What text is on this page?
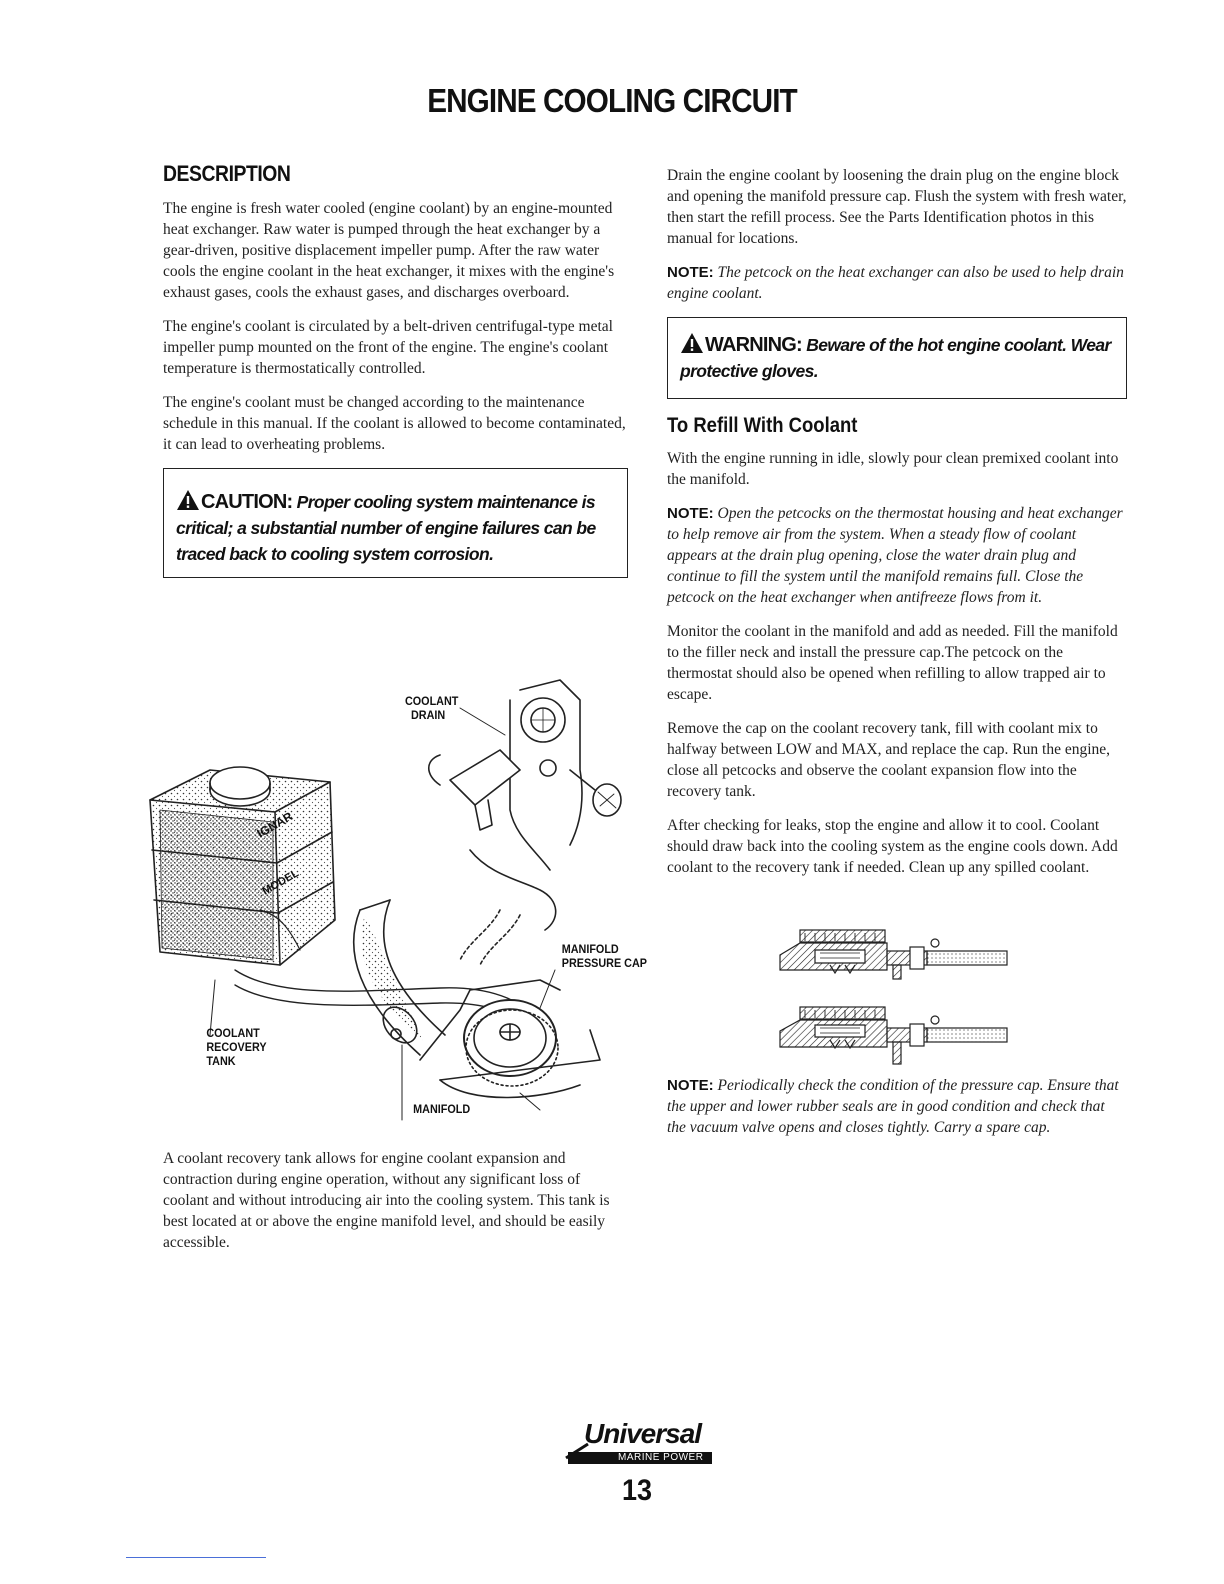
ENGINE COOLING CIRCUIT
DESCRIPTION

The engine is fresh water cooled (engine coolant) by an engine-mounted heat exchanger. Raw water is pumped through the heat exchanger by a gear-driven, positive displacement impeller pump. After the raw water cools the engine coolant in the heat exchanger, it mixes with the engine's exhaust gases, cools the exhaust gases, and discharges overboard.

The engine's coolant is circulated by a belt-driven centrifugal-type metal impeller pump mounted on the front of the engine. The engine's coolant temperature is thermostatically controlled.

The engine's coolant must be changed according to the maintenance schedule in this manual. If the coolant is allowed to become contaminated, it can lead to overheating problems.

CAUTION: Proper cooling system maintenance is
critical; a substantial number of engine failures can be
traced back to cooling system corrosion.
IGNAR
MODEL
COOLANT
DRAIN
MANIFOLD
PRESSURE CAP
COOLANT
RECOVERY
TANK
MANIFOLD
A coolant recovery tank allows for engine coolant expansion and contraction during engine operation, without any significant loss of coolant and without introducing air into the cooling system. This tank is best located at or above the engine manifold level, and should be easily accessible.

Drain the engine coolant by loosening the drain plug on the engine block and opening the manifold pressure cap. Flush the system with fresh water, then start the refill process. See the Parts Identification photos in this manual for locations.

NOTE: The petcock on the heat exchanger can also be used to help drain engine coolant.

WARNING: Beware of the hot engine coolant. Wear
protective gloves.
To Refill With Coolant

With the engine running in idle, slowly pour clean premixed coolant into the manifold.

NOTE: Open the petcocks on the thermostat housing and heat exchanger to help remove air from the system. When a steady flow of coolant appears at the drain plug opening, close the water drain plug and continue to fill the system until the manifold remains full. Close the petcock on the heat exchanger when antifreeze flows from it.

Monitor the coolant in the manifold and add as needed. Fill the manifold to the filler neck and install the pressure cap.The petcock on the thermostat should also be opened when refilling to allow trapped air to escape.

Remove the cap on the coolant recovery tank, fill with coolant mix to halfway between LOW and MAX, and replace the cap. Run the engine, close all petcocks and observe the coolant expansion flow into the recovery tank.

After checking for leaks, stop the engine and allow it to cool. Coolant should draw back into the cooling system as the engine cools down. Add coolant to the recovery tank if needed. Clean up any spilled coolant.

NOTE: Periodically check the condition of the pressure cap. Ensure that the upper and lower rubber seals are in good condition and check that the vacuum valve opens and closes tightly. Carry a spare cap.
Universal
MARINE POWER
13
